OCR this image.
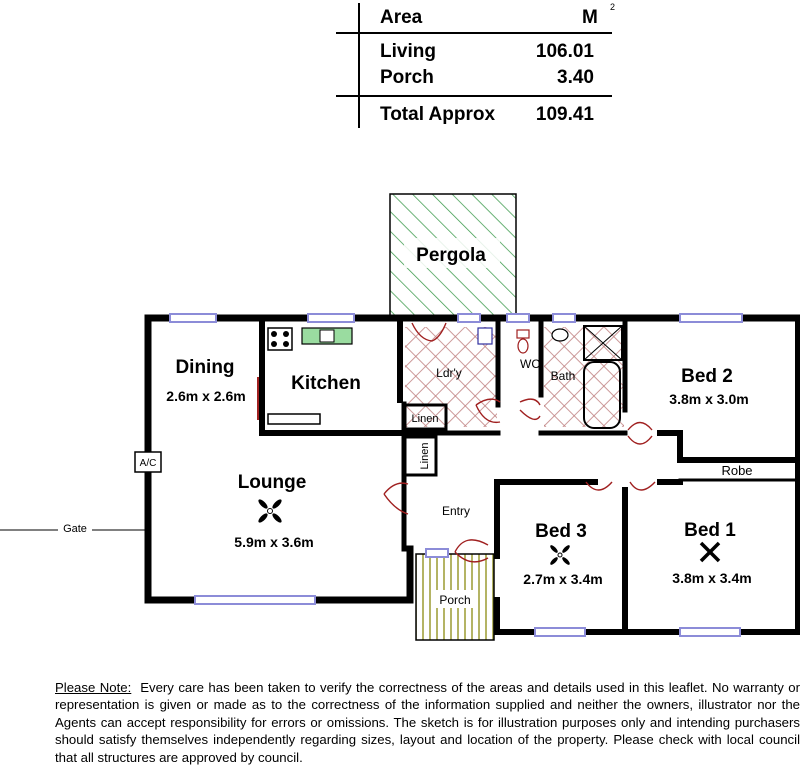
Area	M 2
Living	106.01
Porch	3.40
Total Approx 109.41
Pergola
Porch
A/C
Gate
Dining
2.6m x 2.6m
Kitchen	Ldr'y
WC
Bath	Bed 2
3.8m x 3.0m
Robe
Linen
Linen
Lounge
5.9m x 3.6m
Entry
Bed 3
2.7m x 3.4m
Bed 1
3.8m x 3.4m
Please Note: Every care has been taken to verify the correctness of the areas and details used in this leaflet. No warranty or representation is given or made as to the correctness of the information supplied and neither the owners, illustrator nor the Agents can accept responsibility for errors or omissions. The sketch is for illustration purposes only and intending purchasers should satisfy themselves independently regarding sizes, layout and location of the property. Please check with local council that all structures are approved by council.
